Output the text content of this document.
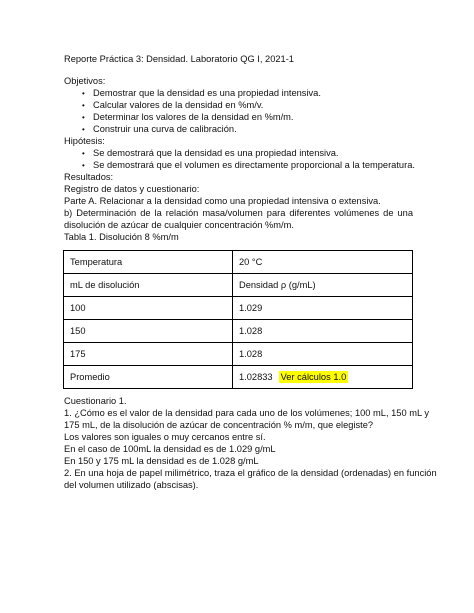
Reporte Práctica 3: Densidad. Laboratorio QG I, 2021-1
Objetivos:
• Demostrar que la densidad es una propiedad intensiva.
• Calcular valores de la densidad en %m/v.
• Determinar los valores de la densidad en %m/m.
• Construir una curva de calibración.
Hipótesis:
• Se demostrará que la densidad es una propiedad intensiva.
• Se demostrará que el volumen es directamente proporcional a la temperatura.
Resultados:
Registro de datos y cuestionario:
Parte A. Relacionar a la densidad como una propiedad intensiva o extensiva.
b) Determinación de la relación masa/volumen para diferentes volúmenes de una
disolución de azúcar de cualquier concentración %m/m.
Tabla 1. Disolución 8 %m/m
Temperatura	20 °C
mL de disolución	Densidad ρ (g/mL)
100	1.029
150	1.028
175	1.028
Promedio	1.02833 Ver cálculos 1.0
Cuestionario 1.
1. ¿Cómo es el valor de la densidad para cada uno de los volúmenes; 100 mL, 150 mL y
175 mL, de la disolución de azúcar de concentración % m/m, que elegiste?
Los valores son iguales o muy cercanos entre sí.
En el caso de 100mL la densidad es de 1.029 g/mL
En 150 y 175 mL la densidad es de 1.028 g/mL
2. En una hoja de papel milimétrico, traza el gráfico de la densidad (ordenadas) en función
del volumen utilizado (abscisas).
